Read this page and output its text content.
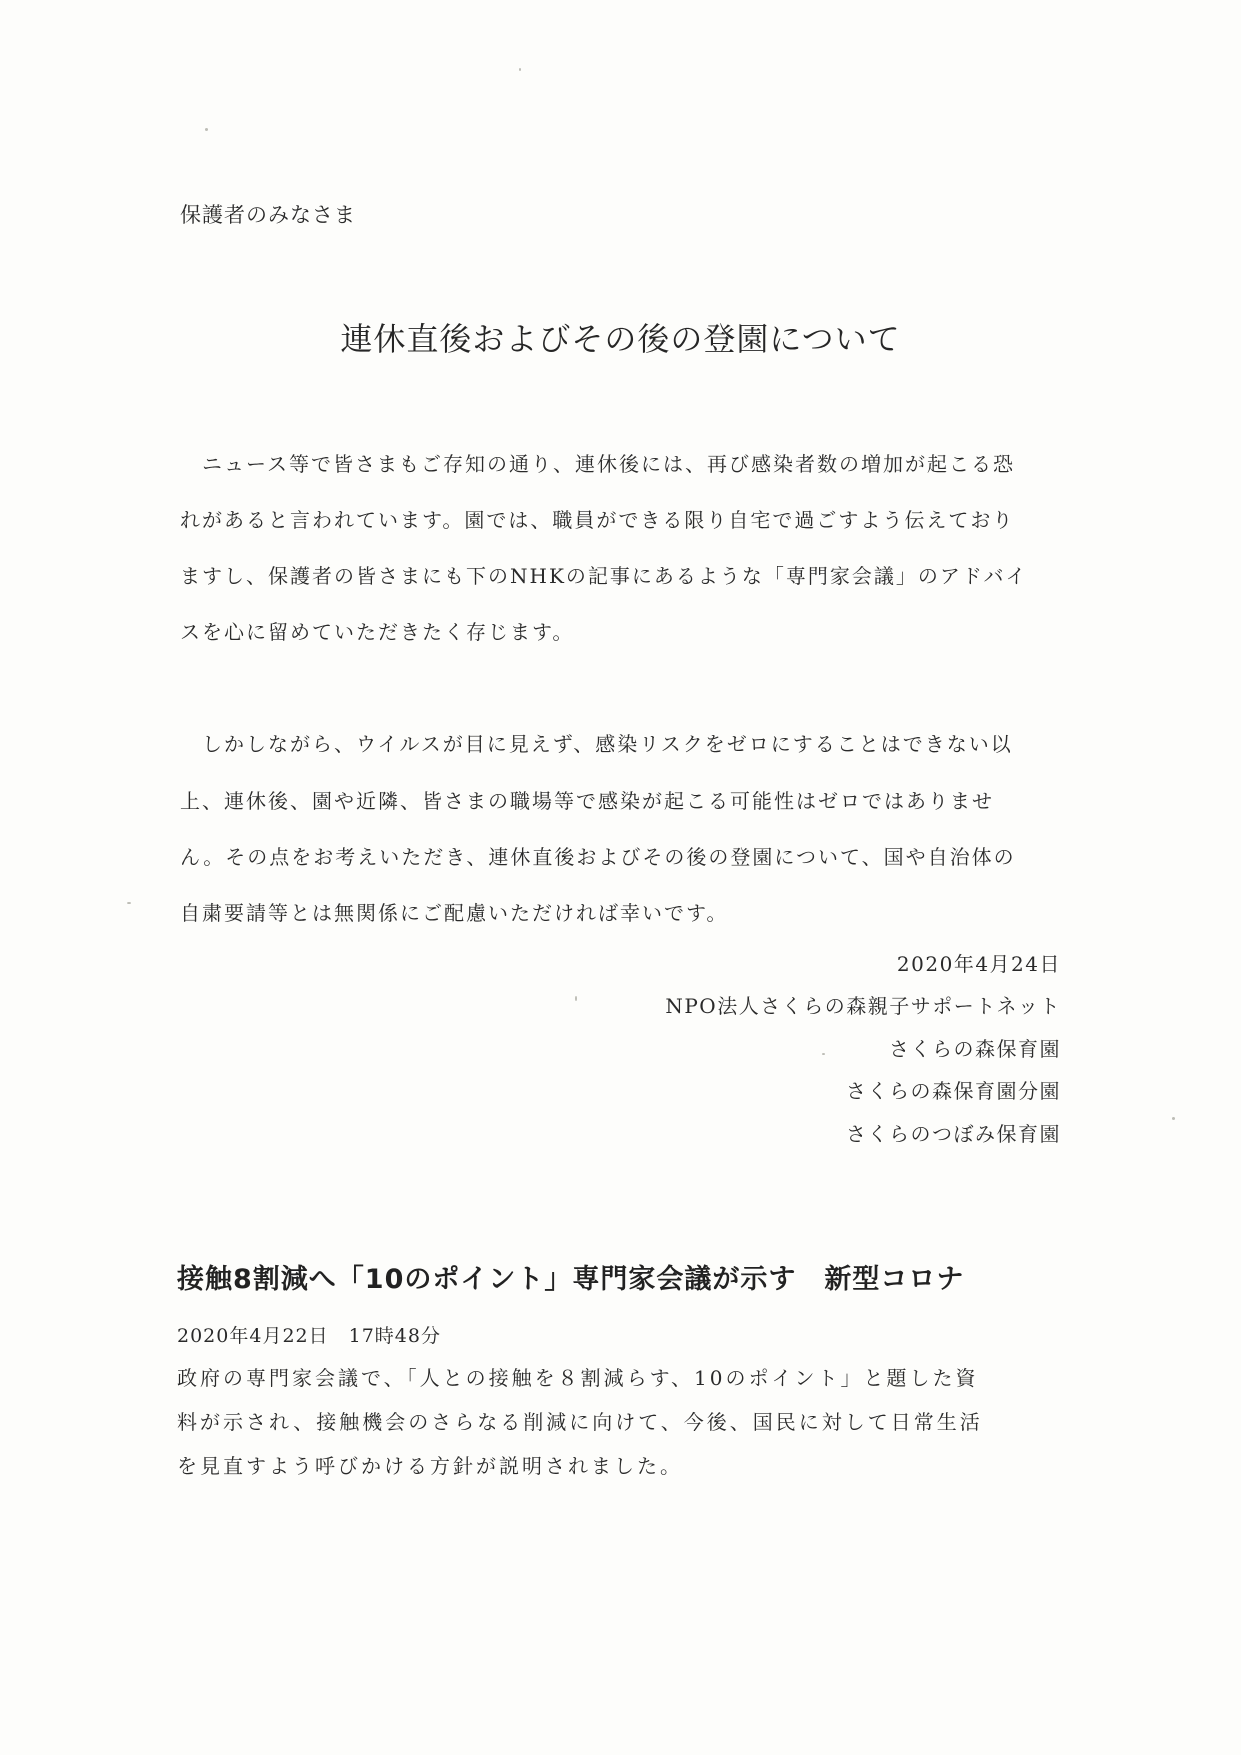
保護者のみなさま
連休直後およびその後の登園について
　ニュース等で皆さまもご存知の通り、連休後には、再び感染者数の増加が起こる恐
れがあると言われています。園では、職員ができる限り自宅で過ごすよう伝えており
ますし、保護者の皆さまにも下のNHKの記事にあるような「専門家会議」のアドバイ
スを心に留めていただきたく存じます。
　しかしながら、ウイルスが目に見えず、感染リスクをゼロにすることはできない以
上、連休後、園や近隣、皆さまの職場等で感染が起こる可能性はゼロではありませ
ん。その点をお考えいただき、連休直後およびその後の登園について、国や自治体の
自粛要請等とは無関係にご配慮いただければ幸いです。
2020年4月24日
NPO法人さくらの森親子サポートネット
さくらの森保育園
さくらの森保育園分園
さくらのつぼみ保育園
接触8割減へ「10のポイント」専門家会議が示す　新型コロナ
2020年4月22日　17時48分
政府の専門家会議で、「人との接触を８割減らす、10のポイント」と題した資
料が示され、接触機会のさらなる削減に向けて、今後、国民に対して日常生活
を見直すよう呼びかける方針が説明されました。
